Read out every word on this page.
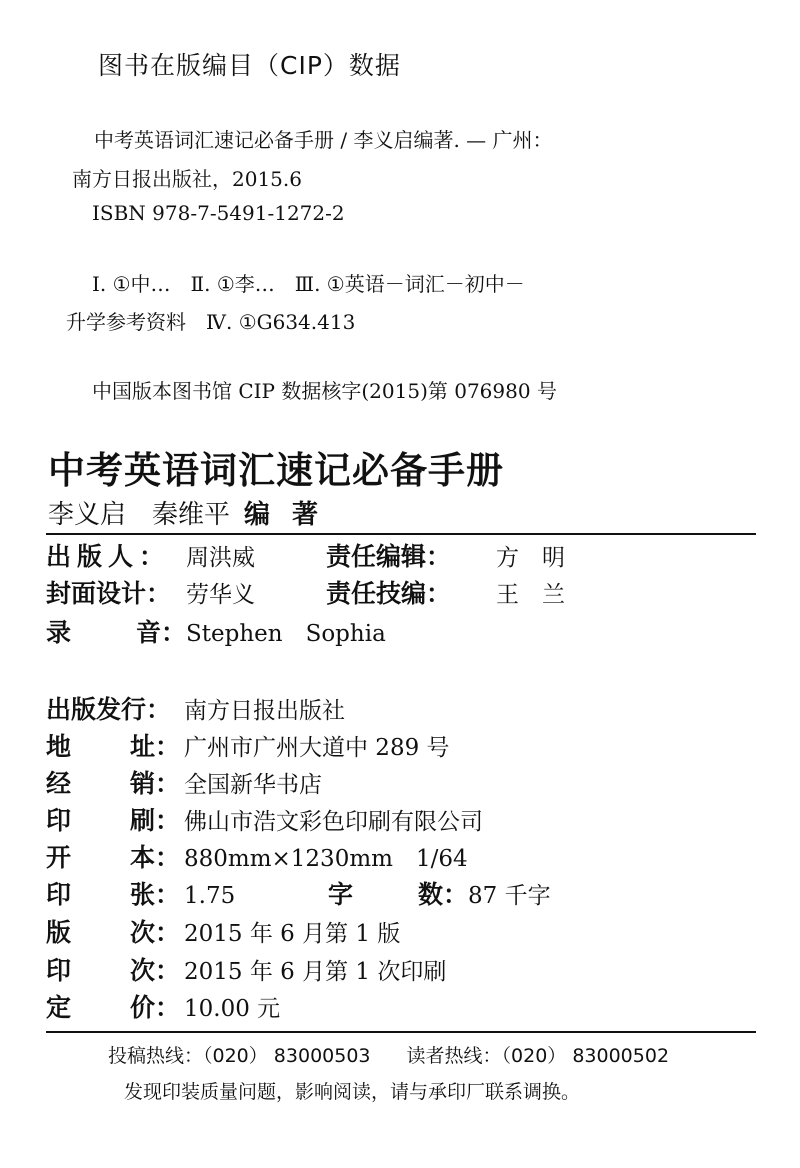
图书在版编目（CIP）数据
中考英语词汇速记必备手册 / 李义启编著. — 广州：
南方日报出版社，2015.6
ISBN 978-7-5491-1272-2
Ⅰ. ①中…　Ⅱ. ①李…　Ⅲ. ①英语－词汇－初中－
升学参考资料　Ⅳ. ①G634.413
中国版本图书馆 CIP 数据核字(2015)第 076980 号
中考英语词汇速记必备手册
李义启　秦维平 编著
出版人： 周洪威	责任编辑：	方　明
封面设计： 劳华义	责任技编：	王　兰
录	音： Stephen　Sophia
出版发行 ： 南方日报出版社
地 址 ： 广州市广州大道中 289 号
经 销 ： 全国新华书店
印 刷 ： 佛山市浩文彩色印刷有限公司
开 本 ： 880mm×1230mm　1/64
印 张 ： 1.75	字	数： 87 千字
版 次 ： 2015 年 6 月第 1 版
印 次 ： 2015 年 6 月第 1 次印刷
定 价 ： 10.00 元
投稿热线：（020） 83000503 读者热线：（020） 83000502
发现印装质量问题，影响阅读，请与承印厂联系调换。
